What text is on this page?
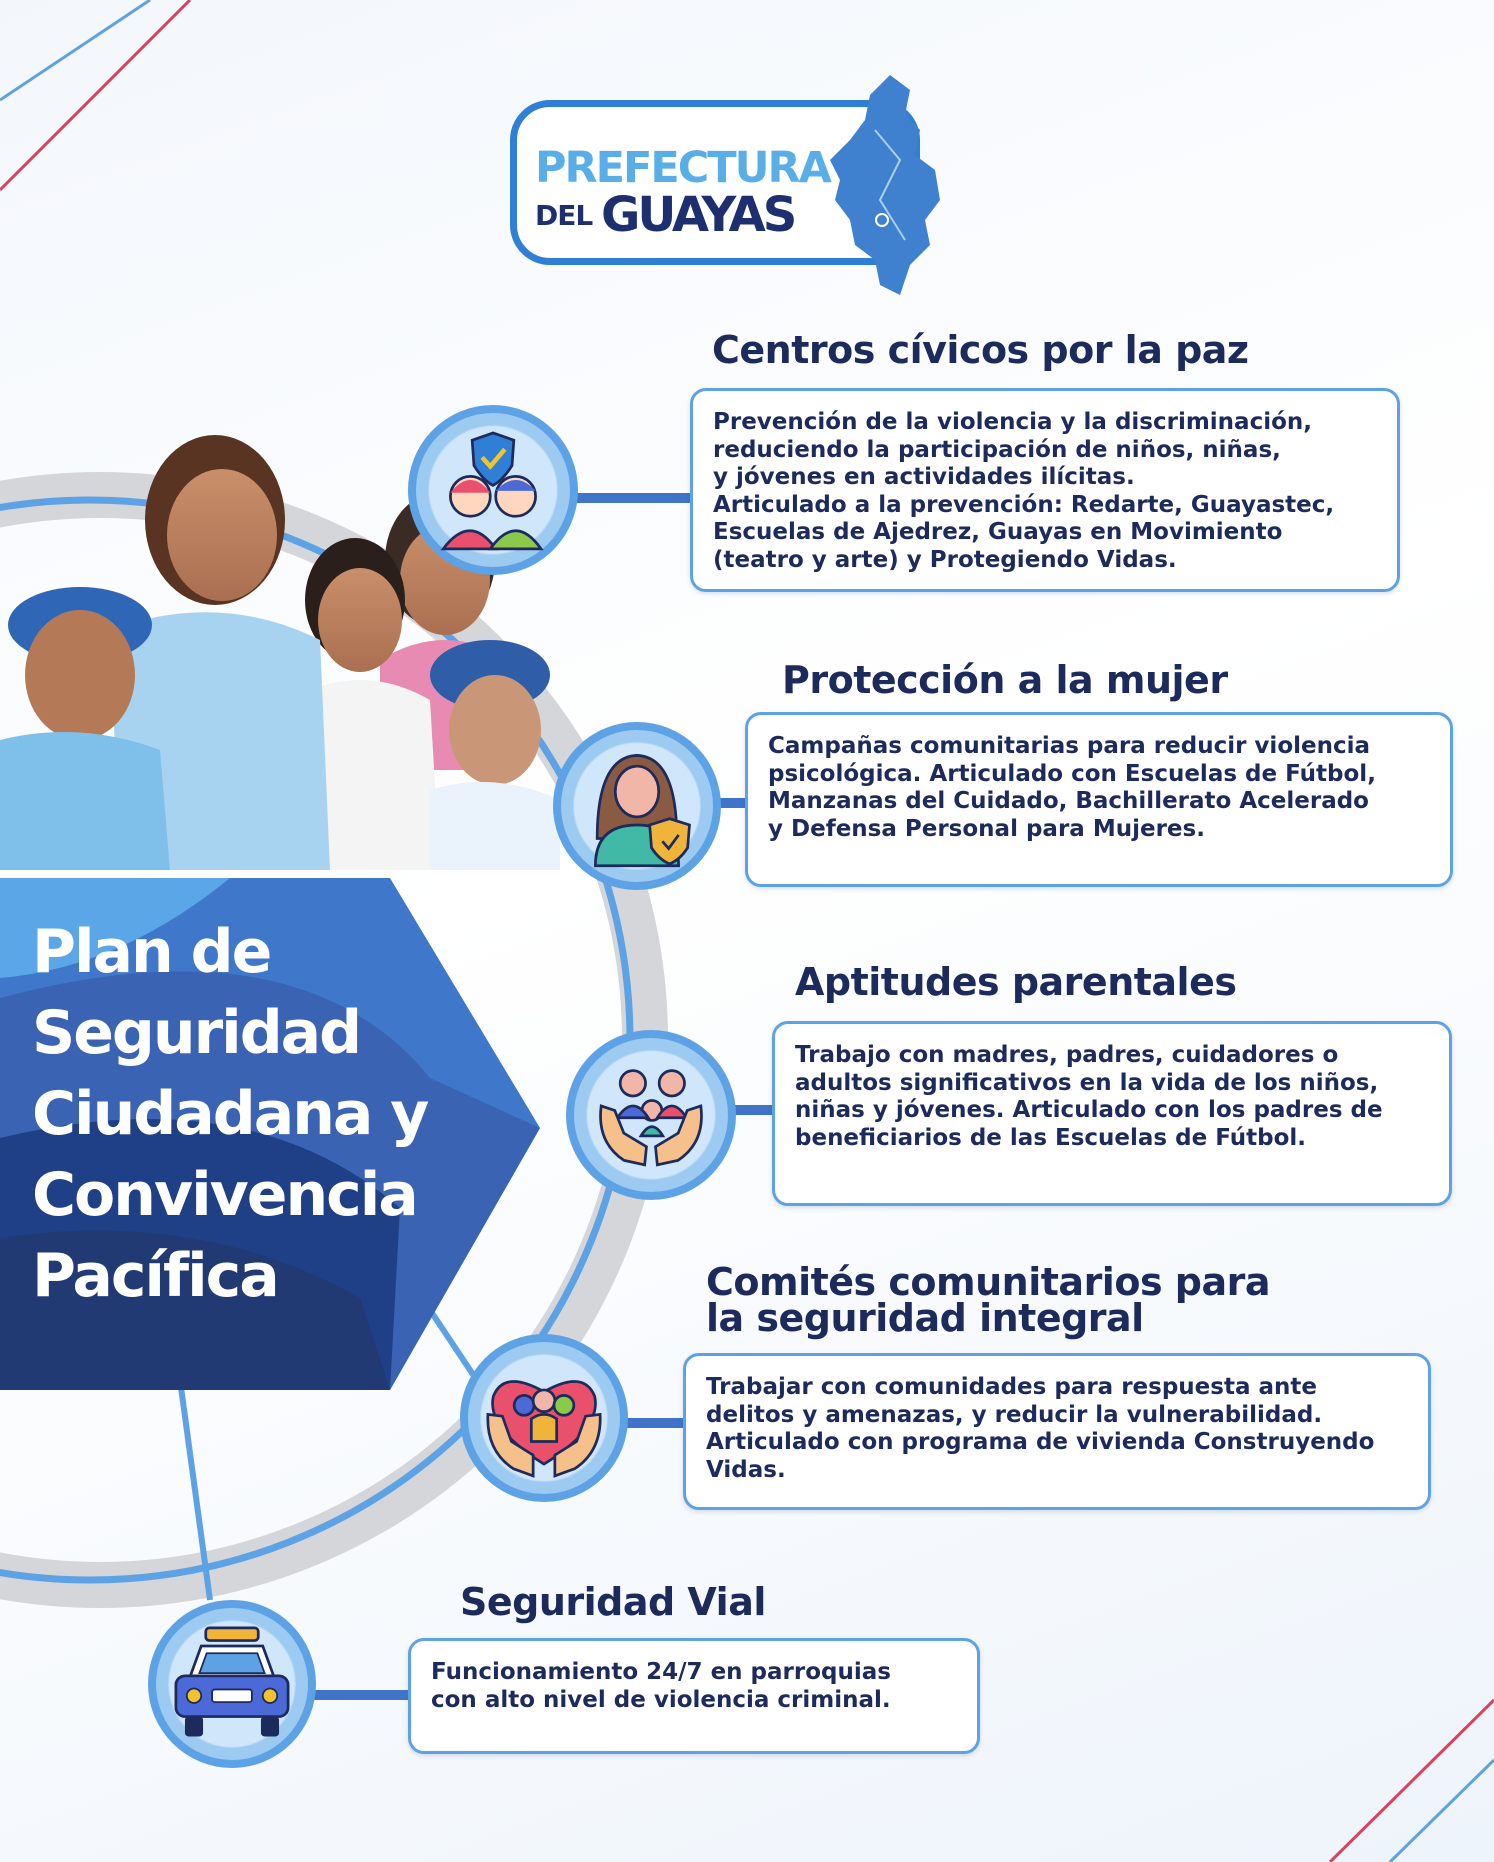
PREFECTURA
DEL GUAYAS
Plan de
Seguridad
Ciudadana y
Convivencia
Pacífica
Centros cívicos por la paz
Prevención de la violencia y la discriminación,
reduciendo la participación de niños, niñas,
y jóvenes en actividades ilícitas.
Articulado a la prevención: Redarte, Guayastec,
Escuelas de Ajedrez, Guayas en Movimiento
(teatro y arte) y Protegiendo Vidas.
Protección a la mujer
Campañas comunitarias para reducir violencia
psicológica. Articulado con Escuelas de Fútbol,
Manzanas del Cuidado, Bachillerato Acelerado
y Defensa Personal para Mujeres.
Aptitudes parentales
Trabajo con madres, padres, cuidadores o
adultos significativos en la vida de los niños,
niñas y jóvenes. Articulado con los padres de
beneficiarios de las Escuelas de Fútbol.
Comités comunitarios para
la seguridad integral
Trabajar con comunidades para respuesta ante
delitos y amenazas, y reducir la vulnerabilidad.
Articulado con programa de vivienda Construyendo
Vidas.
Seguridad Vial
Funcionamiento 24/7 en parroquias
con alto nivel de violencia criminal.
